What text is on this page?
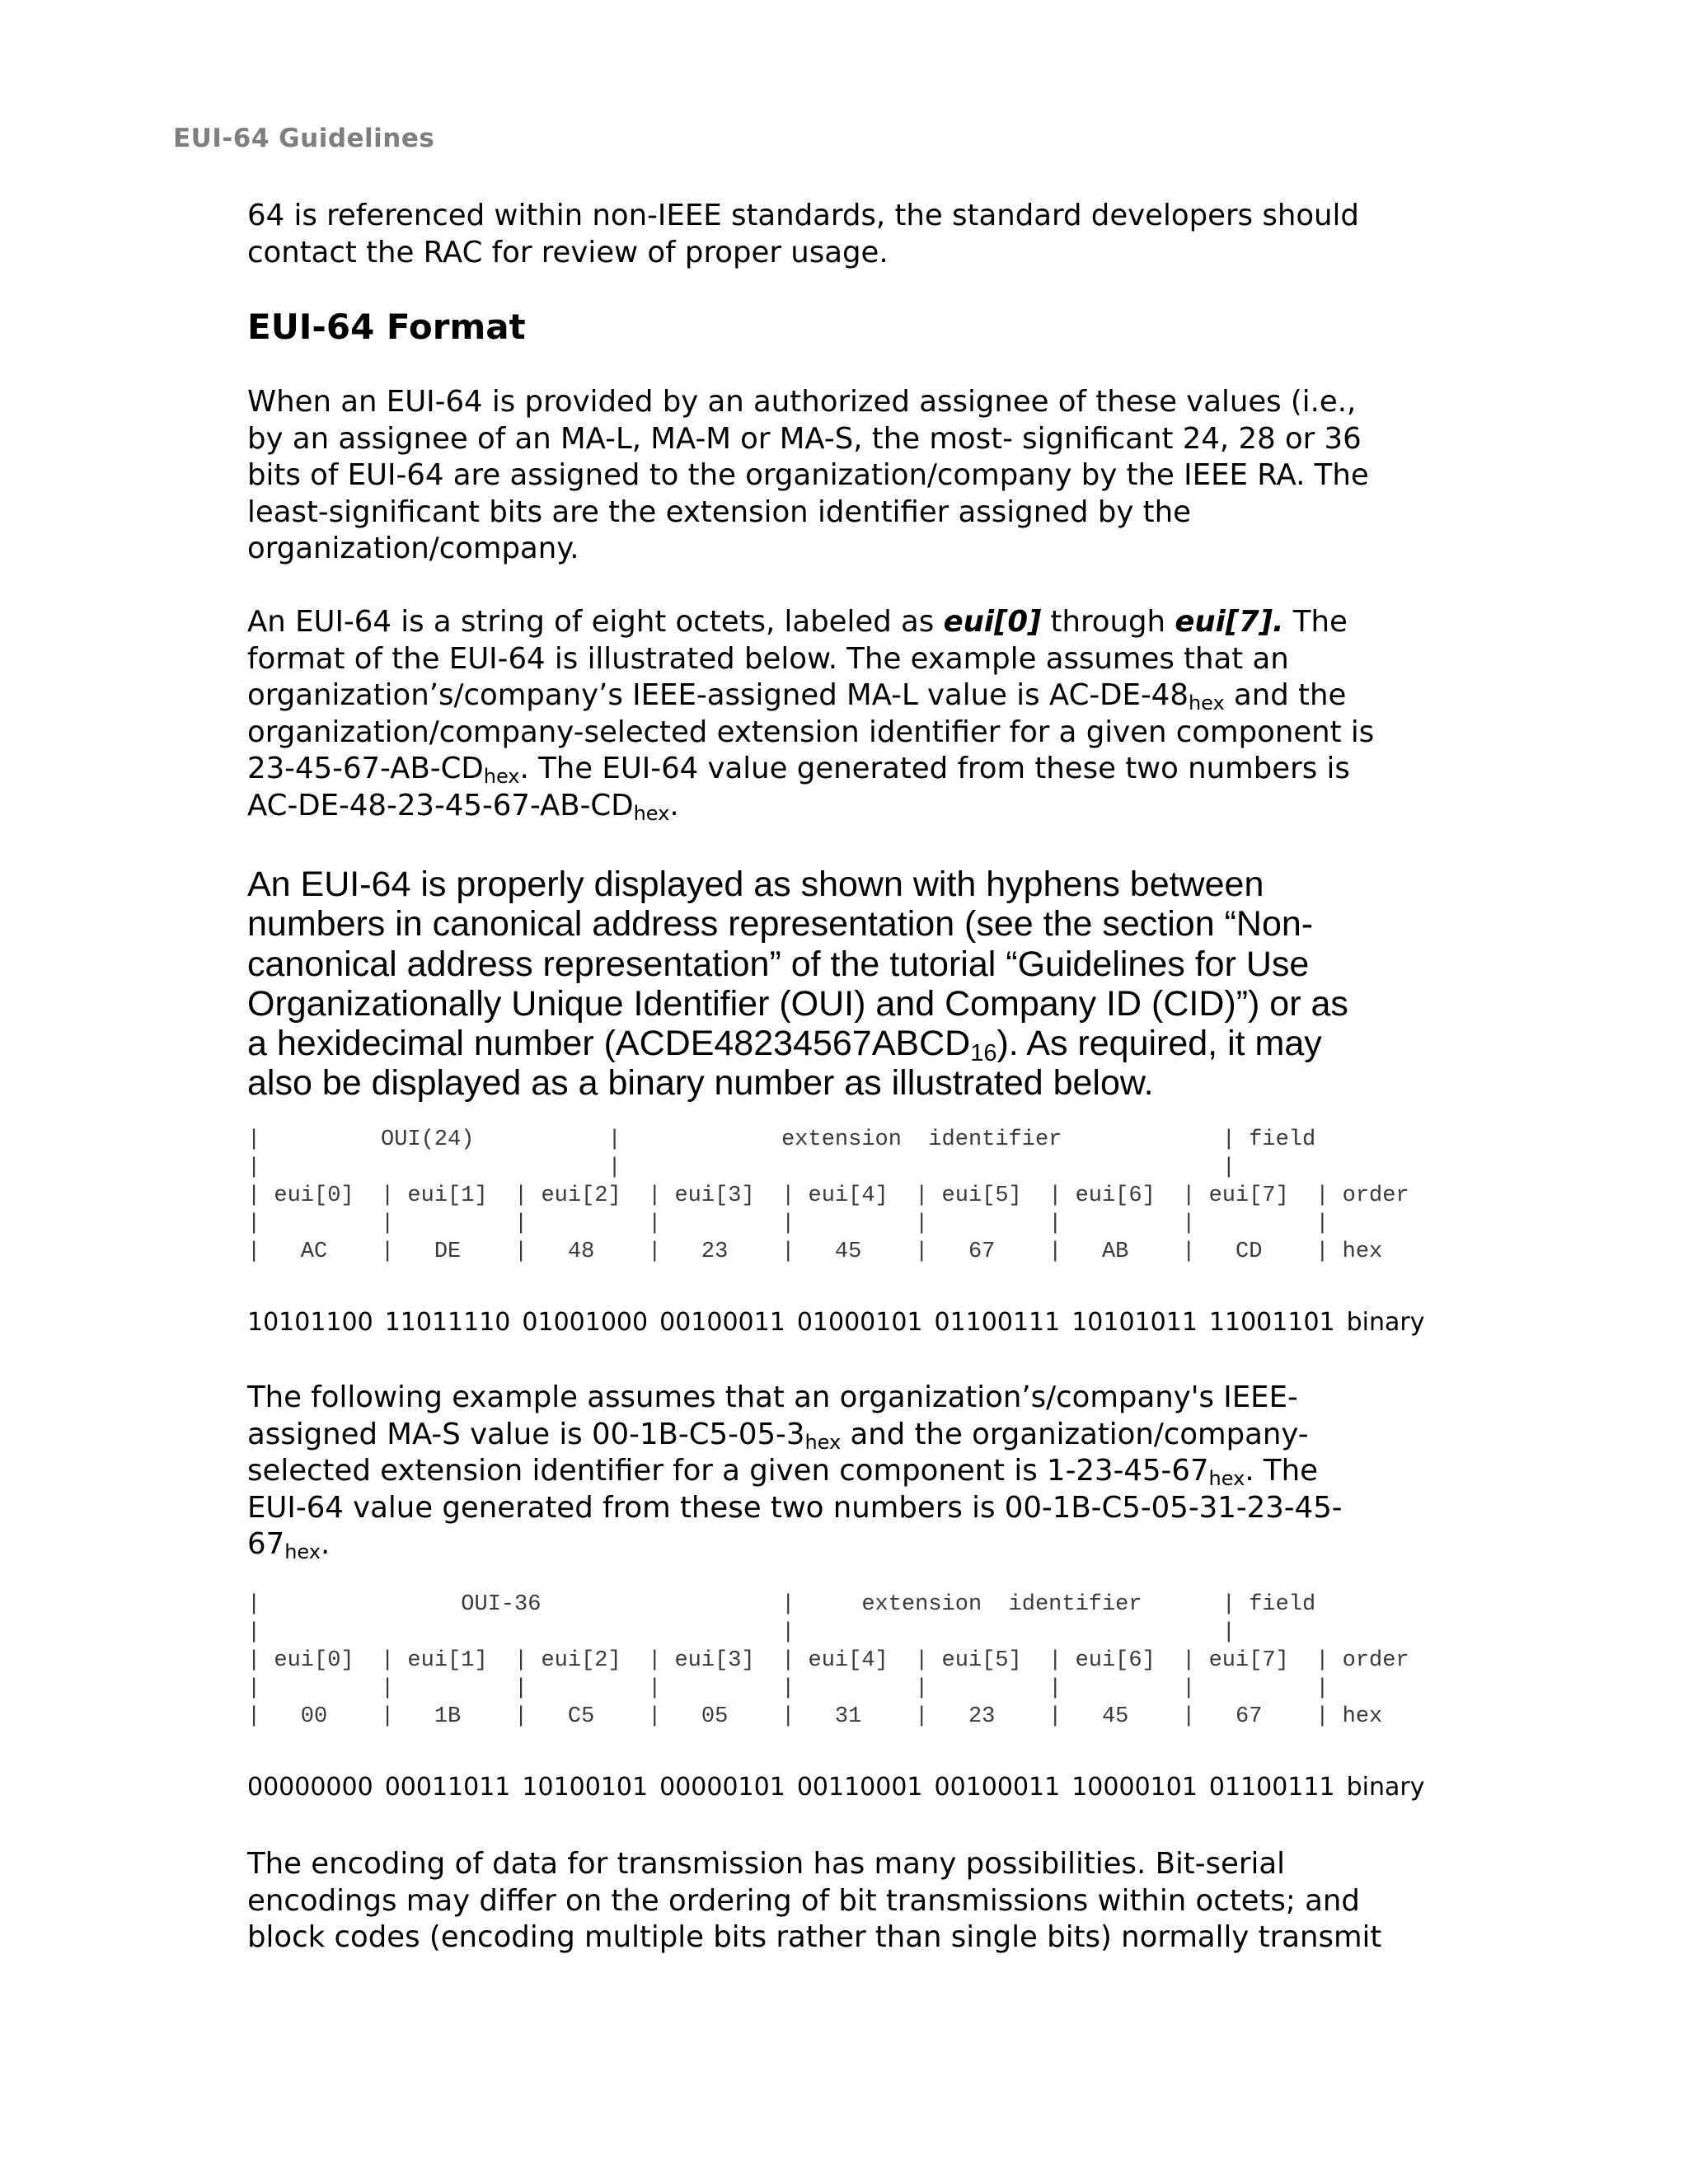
EUI-64 Guidelines
64 is referenced within non-IEEE standards, the standard developers should
contact the RAC for review of proper usage.
EUI-64 Format
When an EUI-64 is provided by an authorized assignee of these values (i.e.,
by an assignee of an MA-L, MA-M or MA-S, the most- significant 24, 28 or 36
bits of EUI-64 are assigned to the organization/company by the IEEE RA. The
least-significant bits are the extension identifier assigned by the
organization/company.
An EUI-64 is a string of eight octets, labeled as eui[0] through eui[7]. The
format of the EUI-64 is illustrated below. The example assumes that an
organization’s/company’s IEEE-assigned MA-L value is $AC-DE-48_{hex}$ and the
organization/company-selected extension identifier for a given component is
$23-45-67-AB-CD_{hex}$. The EUI-64 value generated from these two numbers is
$AC-DE-48-23-45-67-AB-CD_{hex}$.
An EUI-64 is properly displayed as shown with hyphens between
numbers in canonical address representation (see the section “Non-
canonical address representation” of the tutorial “Guidelines for Use
Organizationally Unique Identifier (OUI) and Company ID (CID)”) or as
a hexidecimal number $(ACDE48234567ABCD_{16})$. As required, it may
also be displayed as a binary number as illustrated below.

|         OUI(24)          |            extension  identifier            | field

|                          |                                             |

| eui[0]  | eui[1]  | eui[2]  | eui[3]  | eui[4]  | eui[5]  | eui[6]  | eui[7]  | order

|         |         |         |         |         |         |         |         |

|   AC    |   DE    |   48    |   23    |   45    |   67    |   AB    |   CD    | hex

10101100 11011110 01001000 00100011 01000101 01100111 10101011 11001101 binary
The following example assumes that an organization’s/company's IEEE-
assigned MA-S value is $00-1B-C5-05-3_{hex}$ and the organization/company-
selected extension identifier for a given component is $1-23-45-67_{hex}$. The
EUI-64 value generated from these two numbers is 00-1B-C5-05-31-23-45-
$67_{hex}$.

|               OUI-36                  |     extension  identifier      | field

|                                       |                                |

| eui[0]  | eui[1]  | eui[2]  | eui[3]  | eui[4]  | eui[5]  | eui[6]  | eui[7]  | order

|         |         |         |         |         |         |         |         |

|   00    |   1B    |   C5    |   05    |   31    |   23    |   45    |   67    | hex

00000000 00011011 10100101 00000101 00110001 00100011 10000101 01100111 binary
The encoding of data for transmission has many possibilities. Bit-serial
encodings may differ on the ordering of bit transmissions within octets; and
block codes (encoding multiple bits rather than single bits) normally transmit
